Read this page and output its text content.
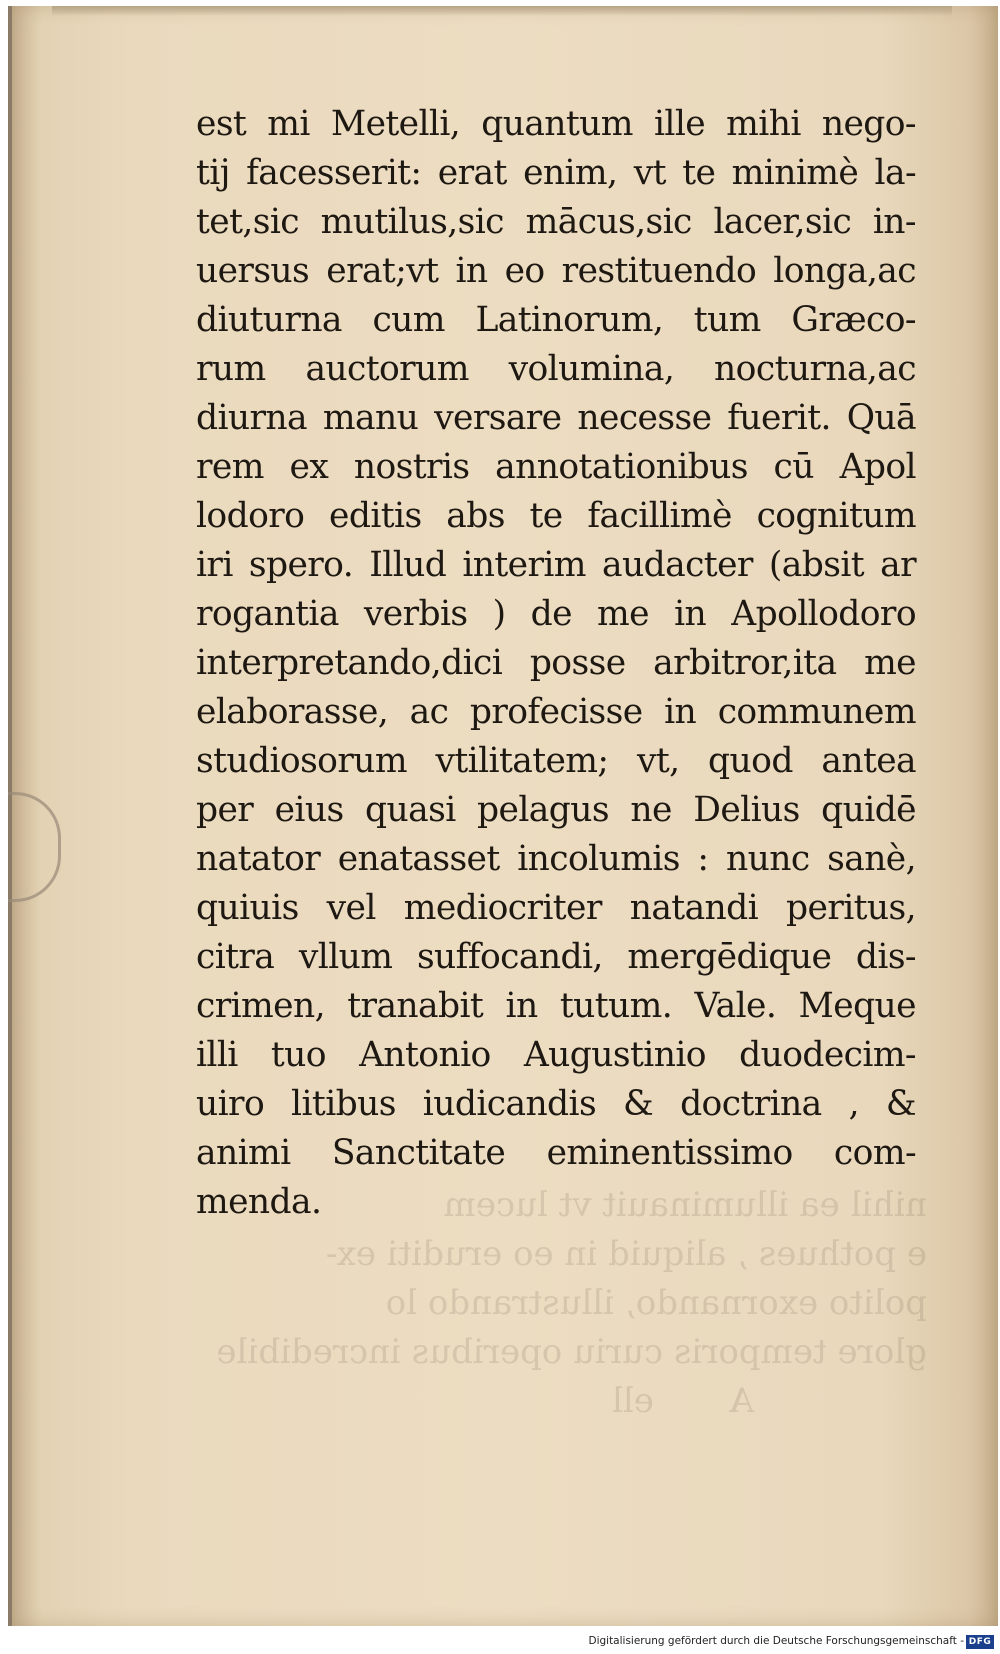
nihil ea illuminauit vt lucem
e pothues , aliquid in eo eruditi ex-
polito exornando, illustrando lo
glore temporis curiu operibus incredibile
A       ell
est mi Metelli, quantum ille mihi nego-
tij facesserit: erat enim, vt te minimè la-
tet,sic mutilus,sic mācus,sic lacer,sic in-
uersus erat;vt in eo restituendo longa,ac
diuturna cum Latinorum, tum Græco-
rum auctorum volumina, nocturna,ac
diurna manu versare necesse fuerit. Quā
rem ex nostris annotationibus cū Apol
lodoro editis abs te facillimè cognitum
iri spero. Illud interim audacter (absit ar
rogantia verbis ) de me in Apollodoro
interpretando,dici posse arbitror,ita me
elaborasse, ac profecisse in communem
studiosorum vtilitatem; vt, quod antea
per eius quasi pelagus ne Delius quidē
natator enatasset incolumis : nunc sanè,
quiuis vel mediocriter natandi peritus,
citra vllum suffocandi, mergēdique dis-
crimen, tranabit in tutum. Vale. Meque
illi tuo Antonio Augustinio duodecim-
uiro litibus iudicandis & doctrina , &
animi Sanctitate eminentissimo com-
menda.
Digitalisierung gefördert durch die Deutsche Forschungsgemeinschaft - DFG
